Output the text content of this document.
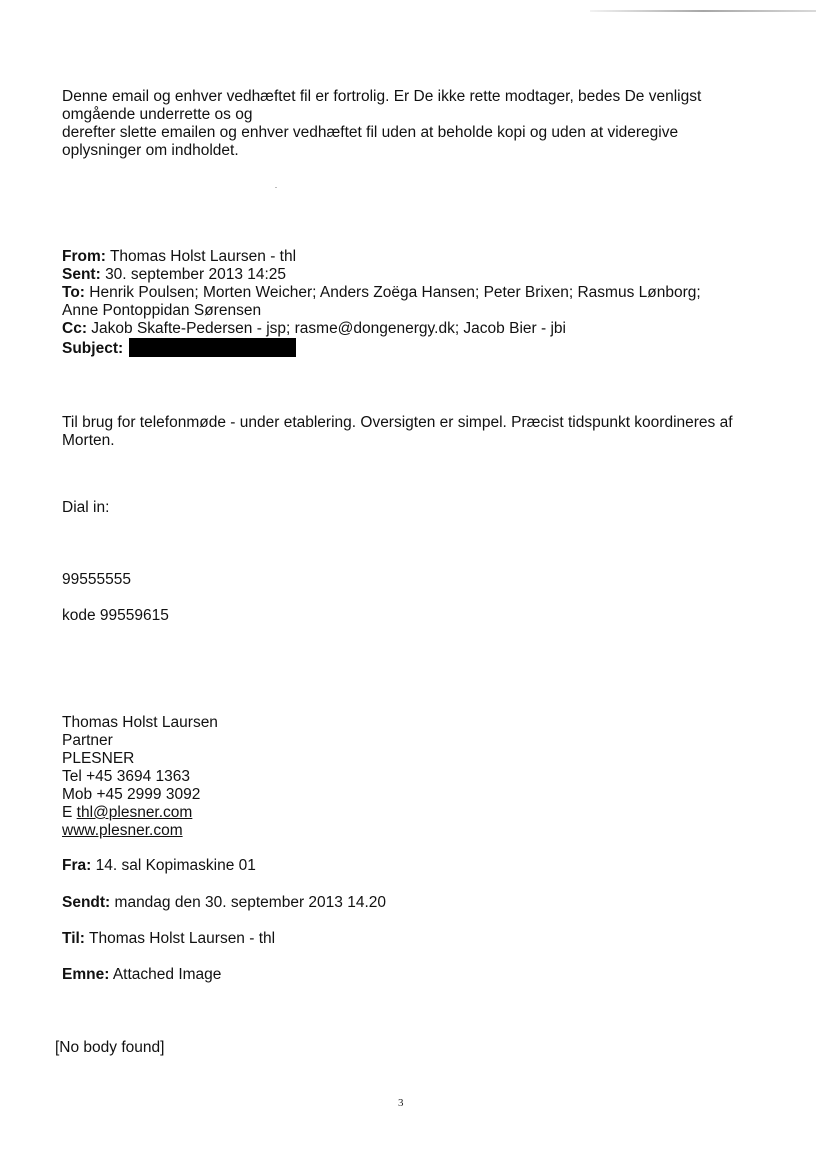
Denne email og enhver vedhæftet fil er fortrolig. Er De ikke rette modtager, bedes De venligst
omgående underrette os og
derefter slette emailen og enhver vedhæftet fil uden at beholde kopi og uden at videregive
oplysninger om indholdet.
From: Thomas Holst Laursen - thl
Sent: 30. september 2013 14:25
To: Henrik Poulsen; Morten Weicher; Anders Zoëga Hansen; Peter Brixen; Rasmus Lønborg;
Anne Pontoppidan Sørensen
Cc: Jakob Skafte-Pedersen - jsp; rasme@dongenergy.dk; Jacob Bier - jbi
Subject:
Til brug for telefonmøde - under etablering. Oversigten er simpel. Præcist tidspunkt koordineres af
Morten.
Dial in:
99555555
kode 99559615
Thomas Holst Laursen
Partner
PLESNER
Tel +45 3694 1363
Mob +45 2999 3092
E thl@plesner.com
www.plesner.com
Fra: 14. sal Kopimaskine 01
Sendt: mandag den 30. september 2013 14.20
Til: Thomas Holst Laursen - thl
Emne: Attached Image
[No body found]
3
